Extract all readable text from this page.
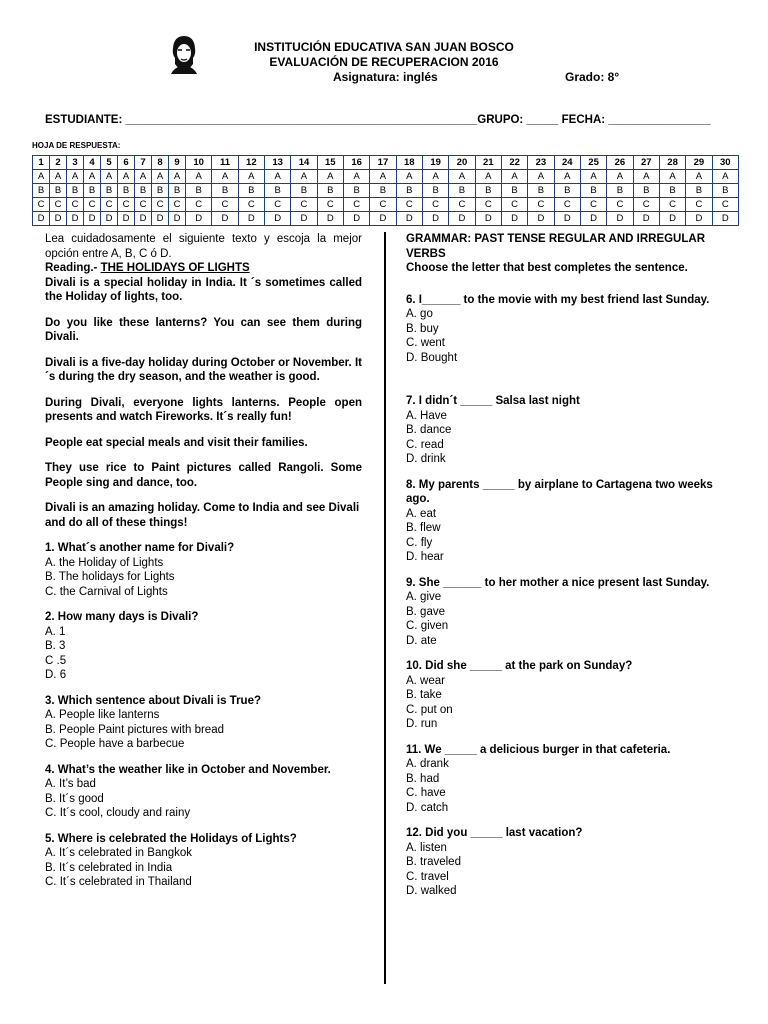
INSTITUCIÓN EDUCATIVA SAN JUAN BOSCO
EVALUACIÓN DE RECUPERACION 2016
Asignatura: inglés	Grado: 8°
ESTUDIANTE: _______________________________________________________GRUPO: _____ FECHA: ________________
HOJA DE RESPUESTA:
1	2	3	4	5	6	7	8	9	10	11	12	13	14	15	16	17	18	19	20	21	22	23	24	25	26	27	28	29	30
A	A	A	A	A	A	A	A	A	A	A	A	A	A	A	A	A	A	A	A	A	A	A	A	A	A	A	A	A	A
B	B	B	B	B	B	B	B	B	B	B	B	B	B	B	B	B	B	B	B	B	B	B	B	B	B	B	B	B	B
C	C	C	C	C	C	C	C	C	C	C	C	C	C	C	C	C	C	C	C	C	C	C	C	C	C	C	C	C	C
D	D	D	D	D	D	D	D	D	D	D	D	D	D	D	D	D	D	D	D	D	D	D	D	D	D	D	D	D	D

Lea cuidadosamente el siguiente texto y escoja la mejor opción entre A, B, C ó D.

Reading.- THE HOLIDAYS OF LIGHTS

Divali is a special holiday in India. It ´s sometimes called the Holiday of lights, too.

Do you like these lanterns? You can see them during Divali.

Divali is a five-day holiday during October or November. It´s during the dry season, and the weather is good.

During Divali, everyone lights lanterns. People open presents and watch Fireworks. It´s really fun!

People eat special meals and visit their families.

They use rice to Paint pictures called Rangoli. Some People sing and dance, too.

Divali is an amazing holiday. Come to India and see Divali and do all of these things!

1. What´s another name for Divali?

A. the Holiday of Lights

B. The holidays for Lights

C. the Carnival of Lights

2. How many days is Divali?

A. 1

B. 3

C .5

D. 6

3. Which sentence about Divali is True?

A. People like lanterns

B. People Paint pictures with bread

C. People have a barbecue

4. What’s the weather like in October and November.

A. It’s bad

B. It´s good

C. It´s cool, cloudy and rainy

5. Where is celebrated the Holidays of Lights?

A. It´s celebrated in Bangkok

B. It´s celebrated in India

C. It´s celebrated in Thailand

GRAMMAR: PAST TENSE REGULAR AND IRREGULAR VERBS

Choose the letter that best completes the sentence.

6. I______ to the movie with my best friend last Sunday.

A. go

B. buy

C. went

D. Bought

7. I didn´t _____ Salsa last night

A. Have

B. dance

C. read

D. drink

8. My parents _____ by airplane to Cartagena two weeks ago.

A. eat

B. flew

C. fly

D. hear

9. She ______ to her mother a nice present last Sunday.

A. give

B. gave

C. given

D. ate

10. Did she _____ at the park on Sunday?

A. wear

B. take

C. put on

D. run

11. We _____ a delicious burger in that cafeteria.

A. drank

B. had

C. have

D. catch

12. Did you _____ last vacation?

A. listen

B. traveled

C. travel

D. walked
